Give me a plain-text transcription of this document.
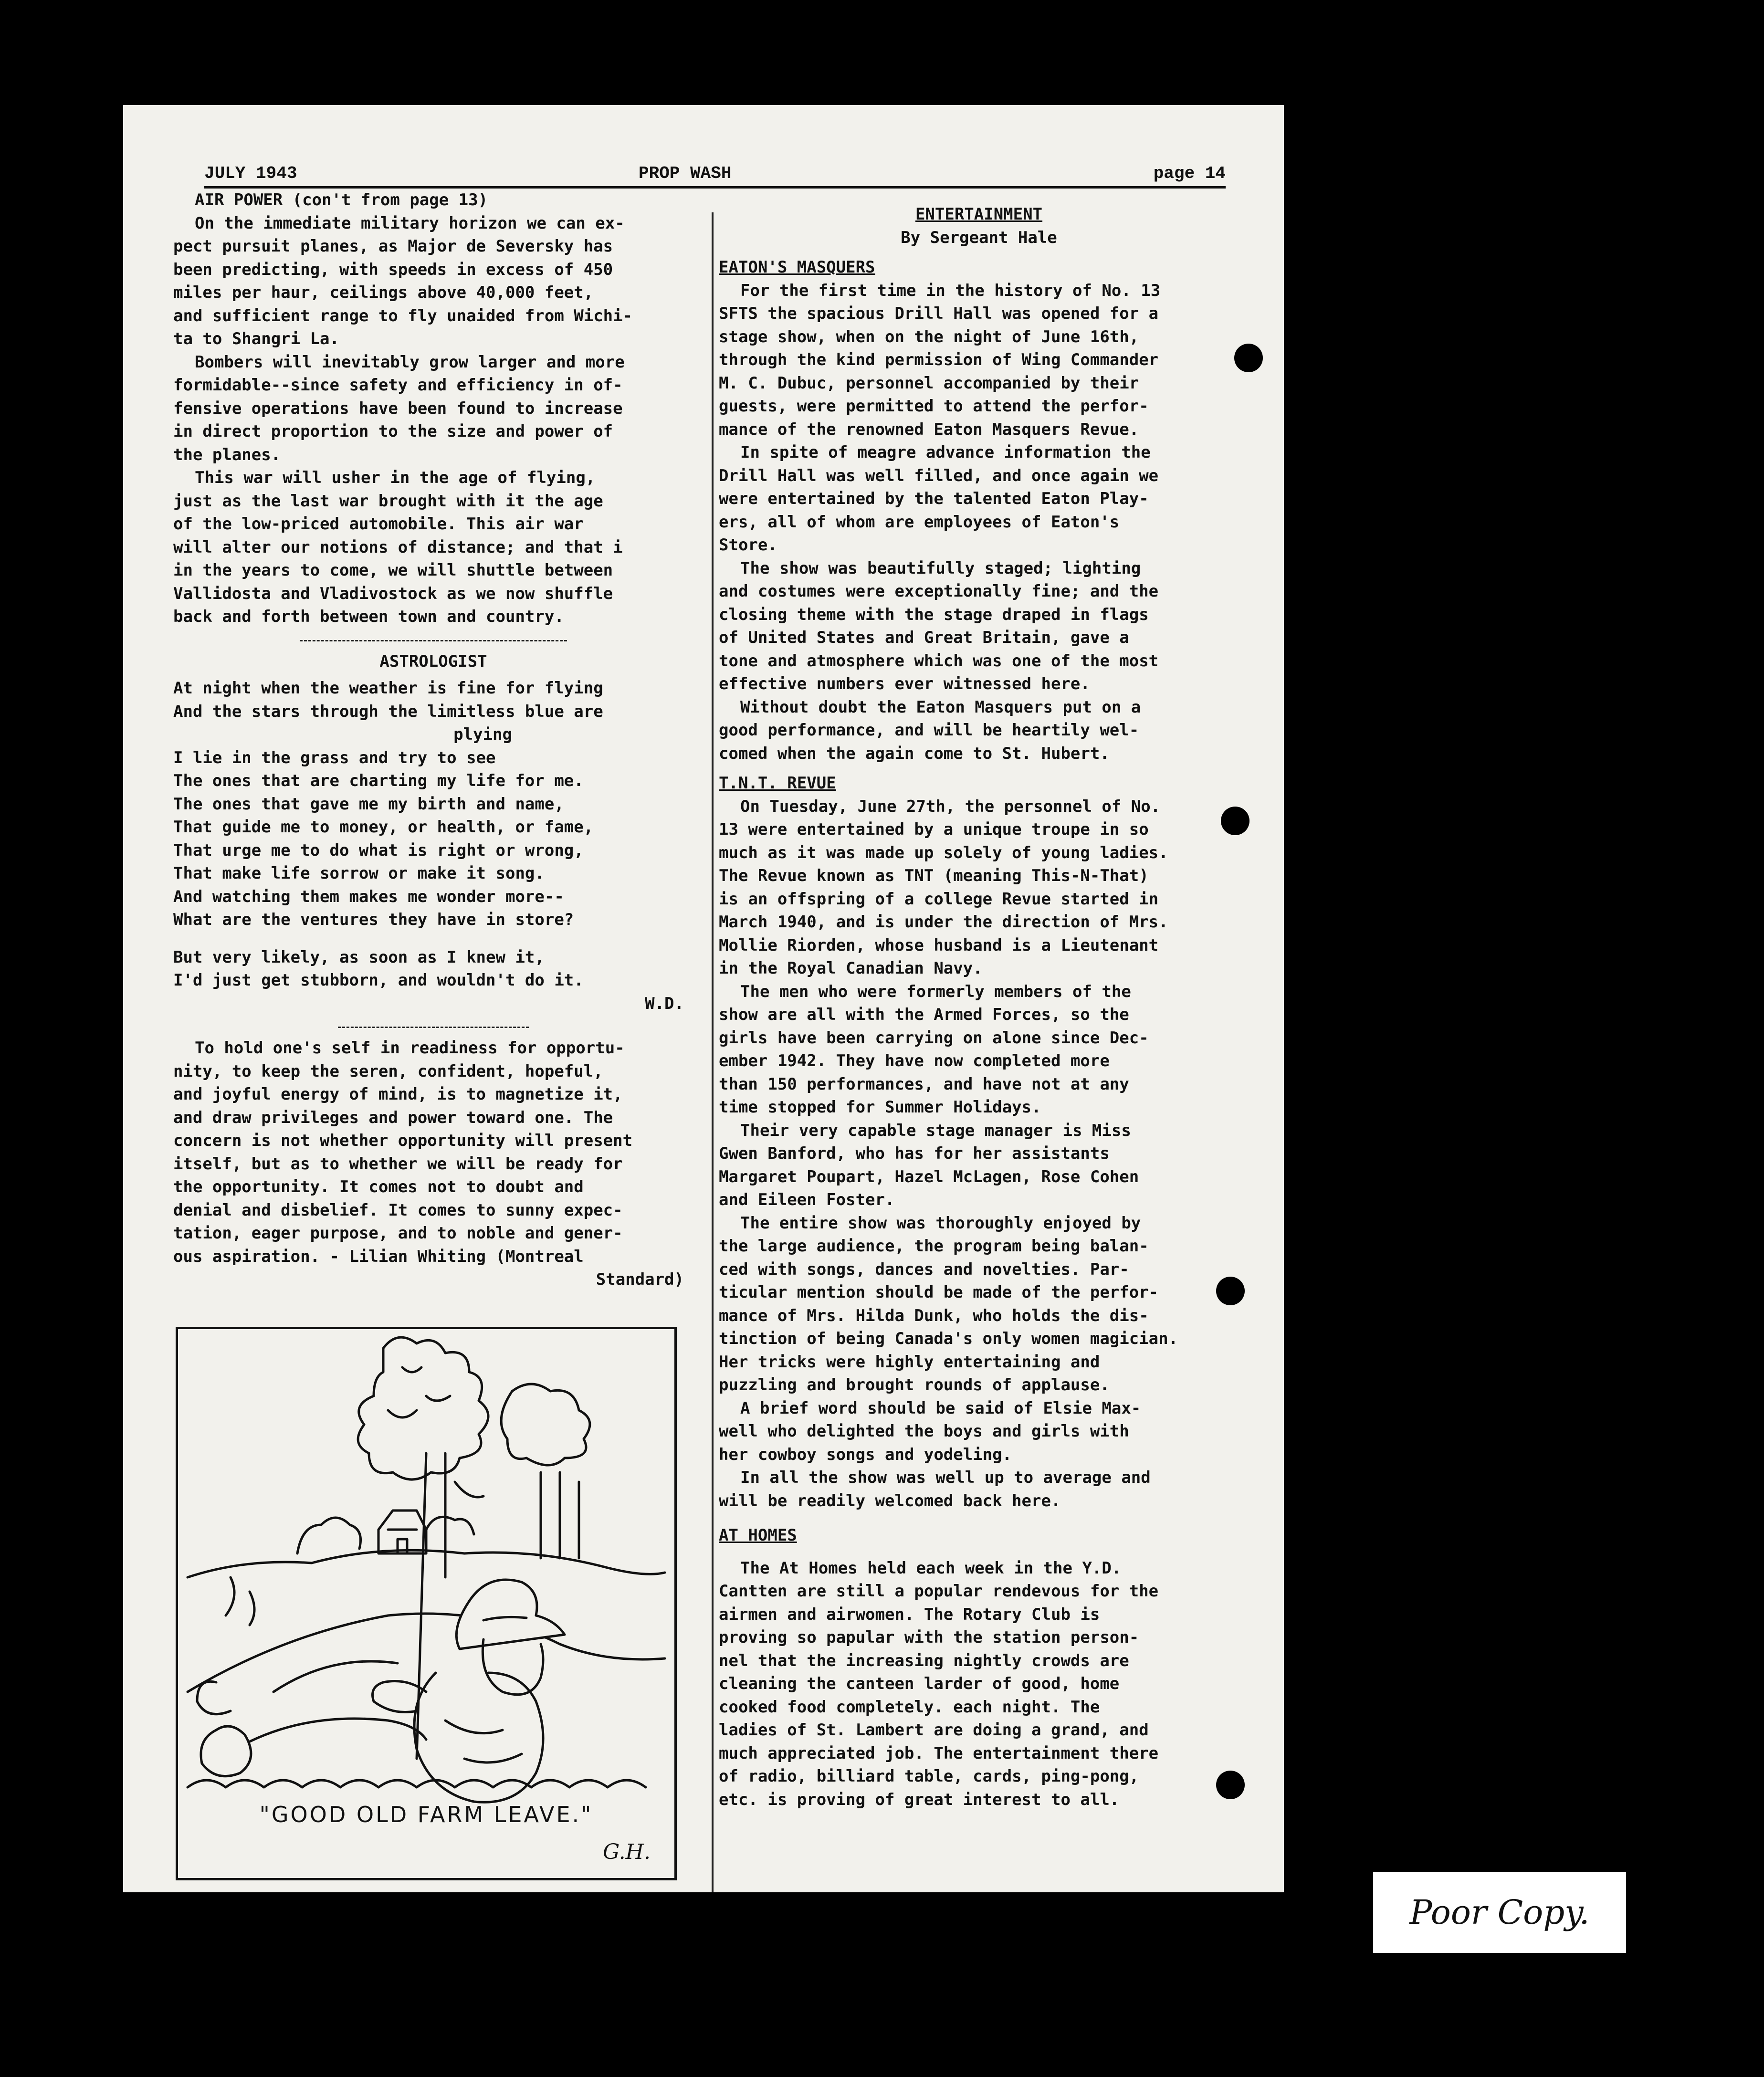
JULY 1943	PROP WASH	page 14

AIR POWER (con't from page 13)

On the immediate military horizon we can ex-
pect pursuit planes, as Major de Seversky has
been predicting, with speeds in excess of 450
miles per haur, ceilings above 40,000 feet,
and sufficient range to fly unaided from Wichi-
ta to Shangri La.

Bombers will inevitably grow larger and more
formidable--since safety and efficiency in of-
fensive operations have been found to increase
in direct proportion to the size and power of
the planes.

This war will usher in the age of flying,
just as the last war brought with it the age
of the low-priced automobile. This air war
will alter our notions of distance; and that i
in the years to come, we will shuttle between
Vallidosta and Vladivostock as we now shuffle
back and forth between town and country.

ASTROLOGIST

At night when the weather is fine for flying

And the stars through the limitless blue are

plying

I lie in the grass and try to see

The ones that are charting my life for me.

The ones that gave me my birth and name,

That guide me to money, or health, or fame,

That urge me to do what is right or wrong,

That make life sorrow or make it song.

And watching them makes me wonder more--

What are the ventures they have in store?

But very likely, as soon as I knew it,

I'd just get stubborn, and wouldn't do it.

W.D.

To hold one's self in readiness for opportu-
nity, to keep the seren, confident, hopeful,
and joyful energy of mind, is to magnetize it,
and draw privileges and power toward one. The
concern is not whether opportunity will present
itself, but as to whether we will be ready for
the opportunity. It comes not to doubt and
denial and disbelief. It comes to sunny expec-
tation, eager purpose, and to noble and gener-
ous aspiration. - Lilian Whiting (Montreal

Standard)

"GOOD OLD FARM LEAVE."
G.H.

ENTERTAINMENT

By Sergeant Hale

EATON'S MASQUERS

For the first time in the history of No. 13
SFTS the spacious Drill Hall was opened for a
stage show, when on the night of June 16th,
through the kind permission of Wing Commander
M. C. Dubuc, personnel accompanied by their
guests, were permitted to attend the perfor-
mance of the renowned Eaton Masquers Revue.

In spite of meagre advance information the
Drill Hall was well filled, and once again we
were entertained by the talented Eaton Play-
ers, all of whom are employees of Eaton's
Store.

The show was beautifully staged; lighting
and costumes were exceptionally fine; and the
closing theme with the stage draped in flags
of United States and Great Britain, gave a
tone and atmosphere which was one of the most
effective numbers ever witnessed here.

Without doubt the Eaton Masquers put on a
good performance, and will be heartily wel-
comed when the again come to St. Hubert.

T.N.T. REVUE

On Tuesday, June 27th, the personnel of No.
13 were entertained by a unique troupe in so
much as it was made up solely of young ladies.
The Revue known as TNT (meaning This-N-That)
is an offspring of a college Revue started in
March 1940, and is under the direction of Mrs.
Mollie Riorden, whose husband is a Lieutenant
in the Royal Canadian Navy.

The men who were formerly members of the
show are all with the Armed Forces, so the
girls have been carrying on alone since Dec-
ember 1942. They have now completed more
than 150 performances, and have not at any
time stopped for Summer Holidays.

Their very capable stage manager is Miss
Gwen Banford, who has for her assistants
Margaret Poupart, Hazel McLagen, Rose Cohen
and Eileen Foster.

The entire show was thoroughly enjoyed by
the large audience, the program being balan-
ced with songs, dances and novelties. Par-
ticular mention should be made of the perfor-
mance of Mrs. Hilda Dunk, who holds the dis-
tinction of being Canada's only women magician.
Her tricks were highly entertaining and
puzzling and brought rounds of applause.

A brief word should be said of Elsie Max-
well who delighted the boys and girls with
her cowboy songs and yodeling.

In all the show was well up to average and
will be readily welcomed back here.

AT HOMES

The At Homes held each week in the Y.D.
Cantten are still a popular rendevous for the
airmen and airwomen. The Rotary Club is
proving so papular with the station person-
nel that the increasing nightly crowds are
cleaning the canteen larder of good, home
cooked food completely. each night. The
ladies of St. Lambert are doing a grand, and
much appreciated job. The entertainment there
of radio, billiard table, cards, ping-pong,
etc. is proving of great interest to all.

Poor Copy.
